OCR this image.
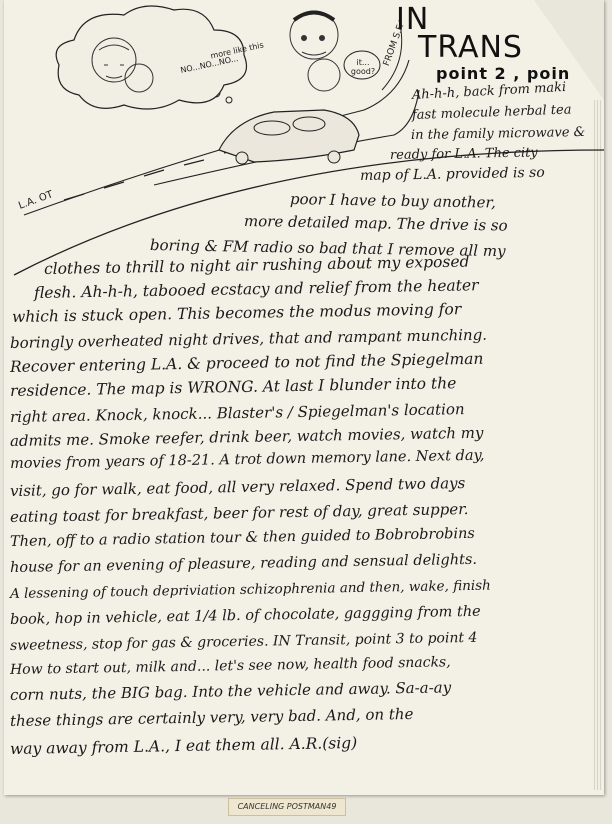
IN
TRANS
point 2 , poin
NO...NO...NO...
more like this
it... good?
FROM S.F.
L.A. OT
Ah-h-h, back from maki
fast molecule herbal tea
in the family microwave &
ready for L.A. The city
map of L.A. provided is so
poor I have to buy another,
more detailed map. The drive is so
boring & FM radio so bad that I remove all my
clothes to thrill to night air rushing about my exposed
flesh. Ah-h-h, tabooed ecstacy and relief from the heater
which is stuck open. This becomes the modus moving for
boringly overheated night drives, that and rampant munching.
Recover entering L.A. & proceed to not find the Spiegelman
residence. The map is WRONG. At last I blunder into the
right area. Knock, knock... Blaster's / Spiegelman's location
admits me. Smoke reefer, drink beer, watch movies, watch my
movies from years of 18-21. A trot down memory lane. Next day,
visit, go for walk, eat food, all very relaxed. Spend two days
eating toast for breakfast, beer for rest of day, great supper.
Then, off to a radio station tour & then guided to Bobrobrobins
house for an evening of pleasure, reading and sensual delights.
A lessening of touch depriviation schizophrenia and then, wake, finish
book, hop in vehicle, eat 1/4 lb. of chocolate, gaggging from the
sweetness, stop for gas & groceries. IN Transit, point 3 to point 4
How to start out, milk and... let's see now, health food snacks,
corn nuts, the BIG bag. Into the vehicle and away. Sa-a-ay
these things are certainly very, very bad. And, on the
way away from L.A., I eat them all. A.R.(sig)
CANCELING POSTMAN49
